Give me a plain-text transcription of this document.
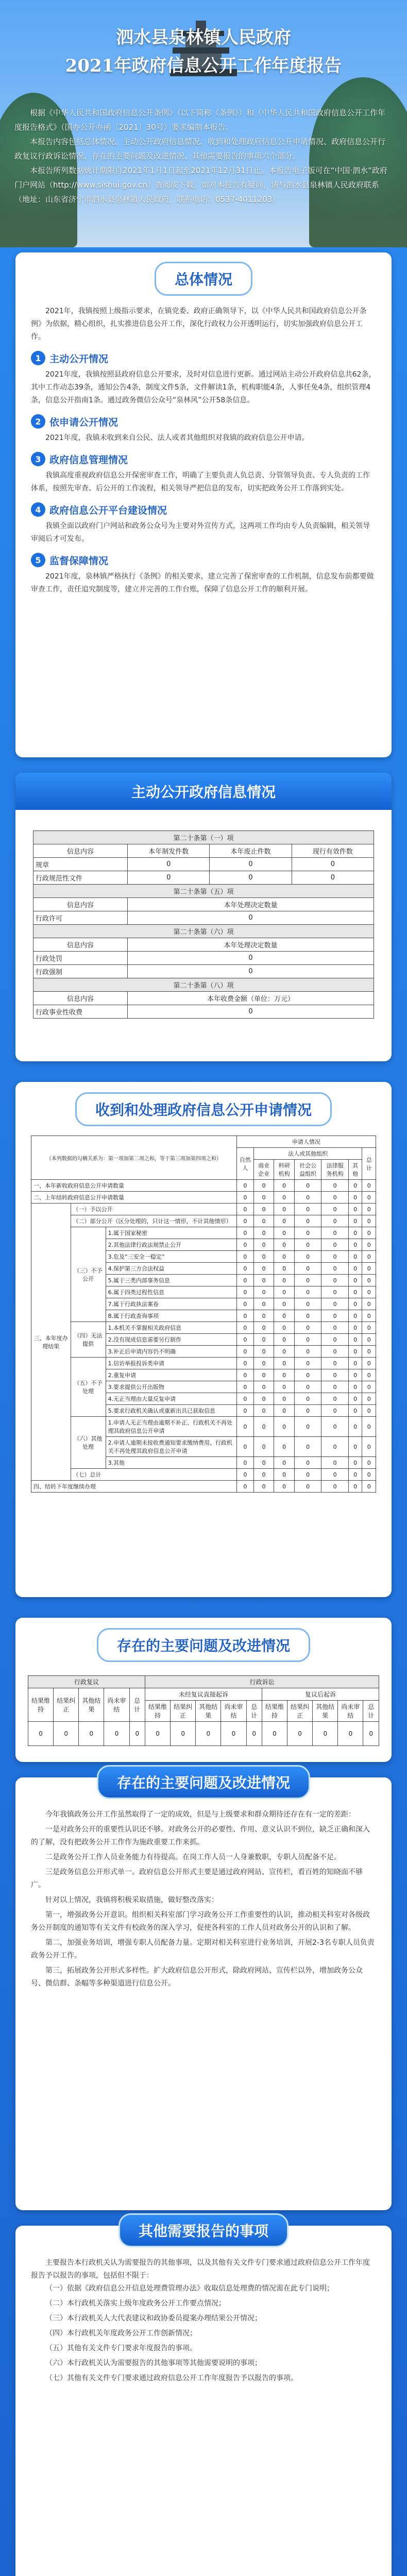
泗水县泉林镇人民政府
2021年政府信息公开工作年度报告

根据《中华人民共和国政府信息公开条例》（以下简称《条例》）和《中华人民共和国政府信息公开工作年度报告格式》（国办公开办函〔2021〕30号）要求编制本报告。

本报告内容包括总体情况、主动公开政府信息情况、收到和处理政府信息公开申请情况、政府信息公开行政复议行政诉讼情况、存在的主要问题及改进情况、其他需要报告的事项六个部分。

本报告所列数据统计期限自2021年1月1日起至2021年12月31日止。本报告电子版可在“中国·泗水”政府门户网站（http://www.sishui.gov.cn）查阅或下载。如对本报告有疑问，请与泗水县泉林镇人民政府联系（地址：山东省济宁市泗水县泉林镇人民政府，联系电话：0537-4011203）

总体情况

2021年，我镇按照上级指示要求，在镇党委、政府正确领导下，以《中华人民共和国政府信息公开条例》为依据，精心组织，扎实推进信息公开工作，深化行政权力公开透明运行，切实加强政府信息公开工作。

1 主动公开情况

2021年度，我镇按照县政府信息公开要求，及时对信息进行更新。通过网站主动公开政府信息共62条，其中工作动态39条，通知公告4条，制度文件5条，文件解读1条，机构职能4条，人事任免4条，组织管理4条，信息公开指南1条。通过政务微信公众号“泉林风”公开58条信息。

2 依申请公开情况

2021年度，我镇未收到来自公民、法人或者其他组织对我镇的政府信息公开申请。

3 政府信息管理情况

我镇高度重视政府信息公开保密审查工作，明确了主要负责人负总责、分管领导负责、专人负责的工作体系，按照先审查、后公开的工作流程，相关领导严把信息的发布，切实把政务公开工作落到实处。

4 政府信息公开平台建设情况

我镇全面以政府门户网站和政务公众号为主要对外宣传方式，这两项工作均由专人负责编辑，相关领导审阅后才可发布。

5 监督保障情况

2021年度，泉林镇严格执行《条例》的相关要求，建立完善了保密审查的工作机制，信息发布前都要做审查工作，责任追究制度等，建立并完善的工作台账，保障了信息公开工作的顺利开展。

主动公开政府信息情况
第二十条第（一）项			
信息内容	本年制发件数	本年废止件数	现行有效件数
规章	0	0	0
行政规范性文件	0	0	0
第二十条第（五）项			
信息内容	本年处理决定数量		
行政许可	0		
第二十条第（六）项			
信息内容	本年处理决定数量		
行政处罚	0		
行政强制	0		
第二十条第（八）项			
信息内容	本年收费金额（单位：万元）		
行政事业性收费	0		
收到和处理政府信息公开申请情况
（本列数据的勾稽关系为：第一项加第二项之和，等于第三项加第四项之和）			申请人情况						
			自然人	法人或其他组织					总计
				商业企业	科研机构	社会公益组织	法律服务机构	其他	
一、本年新收政府信息公开申请数量			0	0	0	0	0	0	0
二、上年结转政府信息公开申请数量			0	0	0	0	0	0	0
三、本年度办理结果	（一）予以公开		0	0	0	0	0	0	0
	（二）部分公开（区分处理的，只计这一情形，不计其他情形）		0	0	0	0	0	0	0
	（三）不予公开	1.属于国家秘密	0	0	0	0	0	0	0
		2.其他法律行政法规禁止公开	0	0	0	0	0	0	0
		3.危及“三安全一稳定”	0	0	0	0	0	0	0
		4.保护第三方合法权益	0	0	0	0	0	0	0
		5.属于三类内部事务信息	0	0	0	0	0	0	0
		6.属于四类过程性信息	0	0	0	0	0	0	0
		7.属于行政执法案卷	0	0	0	0	0	0	0
		8.属于行政查询事项	0	0	0	0	0	0	0
	（四）无法提供	1.本机关不掌握相关政府信息	0	0	0	0	0	0	0
		2.没有现成信息需要另行制作	0	0	0	0	0	0	0
		3.补正后申请内容仍不明确	0	0	0	0	0	0	0
	（五）不予处理	1.信访举报投诉类申请	0	0	0	0	0	0	0
		2.重复申请	0	0	0	0	0	0	0
		3.要求提供公开出版物	0	0	0	0	0	0	0
		4.无正当理由大量反复申请	0	0	0	0	0	0	0
		5.要求行政机关确认或重新出具已获取信息	0	0	0	0	0	0	0
	（六）其他处理	1.申请人无正当理由逾期不补正、行政机关不再处理其政府信息公开申请	0	0	0	0	0	0	0
		2.申请人逾期未按收费通知要求缴纳费用、行政机关不再处理其政府信息公开申请	0	0	0	0	0	0	0
		3.其他	0	0	0	0	0	0	0
	（七）总计		0	0	0	0	0	0	0
四、结转下年度继续办理			0	0	0	0	0	0	0
存在的主要问题及改进情况
行政复议					行政诉讼									
结果维持	结果纠正	其他结果	尚未审结	总计	未经复议直接起诉					复议后起诉				
					结果维持	结果纠正	其他结果	尚未审结	总计	结果维持	结果纠正	其他结果	尚未审结	总计
0	0	0	0	0	0	0	0	0	0	0	0	0	0	0
存在的主要问题及改进情况

今年我镇政务公开工作虽然取得了一定的成效，但是与上级要求和群众期待还存在有一定的差距：

一是对政务公开的重要性认识还不够。对政务公开的必要性、作用、意义认识不到位，缺乏正确和深入的了解，没有把政务公开工作作为施政重要工作来抓。

二是政务公开工作人员业务能力有待提高。在岗工作人员一人身兼数职，专职人员配备不足。

三是政务信息公开形式单一。政府信息公开形式主要是通过政府网站、宣传栏，看百姓的知晓面不够广。

针对以上情况，我镇将积极采取措施，做好整改落实：

第一，增强政务公开意识。组织相关科室部门学习政务公开工作重要性的认识，推动相关科室对各级政务公开制度的通知等有关文件有校政务的深入学习，促使各科室的工作人员对政务公开的认识和了解。

第二，加强业务培训，增强专职人员配备力量。定期对相关科室进行业务培训，开展2-3名专职人员负责政务公开工作。

第三，拓展政务公开形式多样性。扩大政府信息公开形式，除政府网站、宣传栏以外，增加政务公众号、微信群、条幅等多种渠道进行信息公开。

其他需要报告的事项

主要报告本行政机关认为需要报告的其他事项，以及其他有关文件专门要求通过政府信息公开工作年度报告予以报告的事项，包括但不限于：

（一）依据《政府信息公开信息处理费管理办法》收取信息处理费的情况需在此专门说明；

（二）本行政机关落实上级年度政务公开工作要点情况；

（三）本行政机关人大代表建议和政协委员提案办理结果公开情况；

（四）本行政机关年度政务公开工作创新情况；

（五）其他有关文件专门要求年度报告的事项。

（六）本行政机关认为需要报告的其他事项等其他需要说明的事项；

（七）其他有关文件专门要求通过政府信息公开工作年度报告予以报告的事项。
